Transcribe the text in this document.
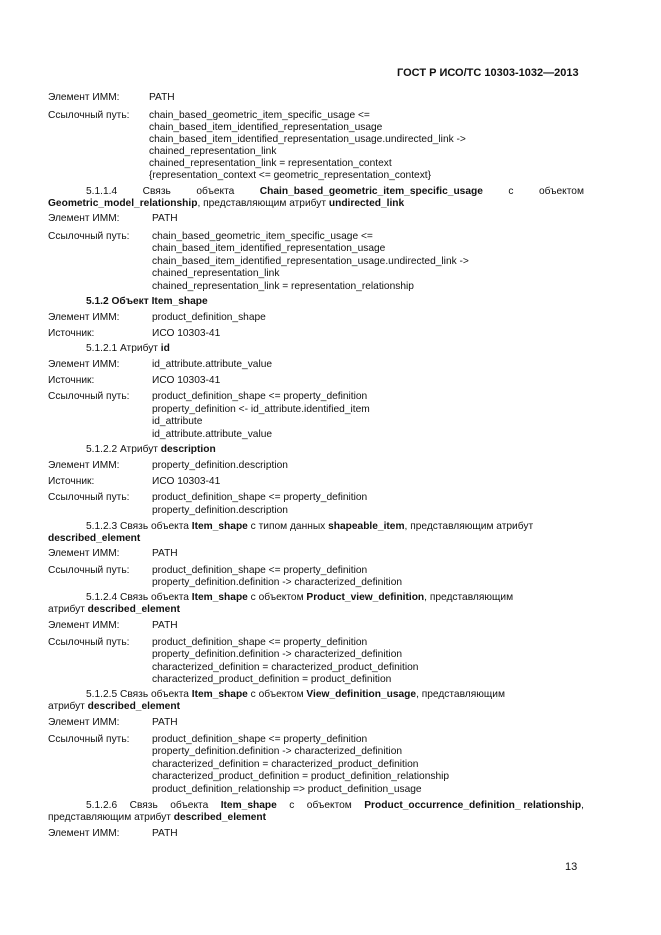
ГОСТ Р ИСО/ТС 10303-1032—2013
Элемент ИММ:	PATH
Ссылочный путь: chain_based_geometric_item_specific_usage <=
chain_based_item_identified_representation_usage
chain_based_item_identified_representation_usage.undirected_link ->
chained_representation_link
chained_representation_link = representation_context
{representation_context <= geometric_representation_context}
5.1.1.4	Связь	объекта	Chain_based_geometric_item_specific_usage	с	объектом
Geometric_model_relationship, представляющим атрибут undirected_link
Элемент ИММ:	PATH
Ссылочный путь: chain_based_geometric_item_specific_usage <=
chain_based_item_identified_representation_usage
chain_based_item_identified_representation_usage.undirected_link ->
chained_representation_link
chained_representation_link = representation_relationship
5.1.2 Объект Item_shape
Элемент ИММ:	product_definition_shape
Источник:	ИСО 10303-41
5.1.2.1 Атрибут id
Элемент ИММ:	id_attribute.attribute_value
Источник:	ИСО 10303-41
Ссылочный путь: product_definition_shape <= property_definition
property_definition <- id_attribute.identified_item
id_attribute
id_attribute.attribute_value
5.1.2.2 Атрибут description
Элемент ИММ:	property_definition.description
Источник:	ИСО 10303-41
Ссылочный путь: product_definition_shape <= property_definition
property_definition.description
5.1.2.3 Связь объекта Item_shape с типом данных shapeable_item, представляющим атрибут
described_element
Элемент ИММ:	PATH
Ссылочный путь: product_definition_shape <= property_definition
property_definition.definition -> characterized_definition
5.1.2.4 Связь объекта Item_shape с объектом Product_view_definition, представляющим
атрибут described_element
Элемент ИММ:	PATH
Ссылочный путь: product_definition_shape <= property_definition
property_definition.definition -> characterized_definition
characterized_definition = characterized_product_definition
characterized_product_definition = product_definition
5.1.2.5 Связь объекта Item_shape с объектом View_definition_usage, представляющим
атрибут described_element
Элемент ИММ:	PATH
Ссылочный путь: product_definition_shape <= property_definition
property_definition.definition -> characterized_definition
characterized_definition = characterized_product_definition
characterized_product_definition = product_definition_relationship
product_definition_relationship => product_definition_usage
5.1.2.6 Связь объекта Item_shape с объектом Product_occurrence_definition_ relationship,
представляющим атрибут described_element
Элемент ИММ:	PATH
13
